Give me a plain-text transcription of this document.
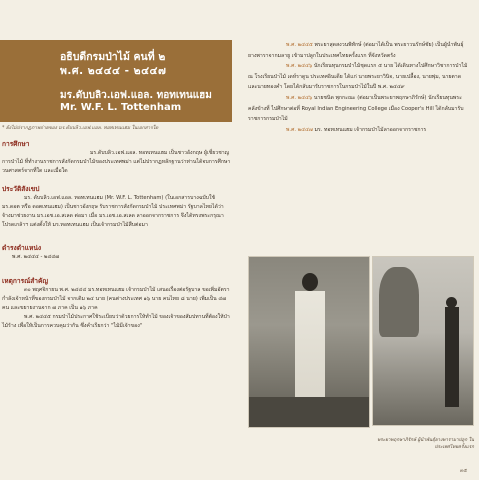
อธิบดีกรมป่าไม้ คนที่ ๒
พ.ศ. ๒๔๔๔ - ๒๔๔๗
มร.ดับบลิว.เอฟ.แอล. ทอทเทนแฮม
Mr. W.F. L. Tottenham
* ยังไม่ปรากฏภาพถ่ายของ มร.ดับบลิว.เอฟ.แอล. ทอทเทนแฮม ในเอกสารใด

การศึกษา

มร.ดับบลิว.เอฟ.แอล. ทอทเทนแฮม เป็นชาวอังกฤษ ผู้เชี่ยวชาญการป่าไม้ ที่ทำงานราชการสังกัดกรมป่าไม้ของประเทศพม่า แต่ไม่ปรากฏหลักฐานว่าท่านได้จบการศึกษาวนศาสตร์จากที่ใด และเมื่อใด

ประวัติสังเขป

มร. ดับบลิว.เอฟ.แอล. ทอทเทนแฮม (Mr. W.F. L. Tottenham) (ในเอกสารบางฉบับใช้ มร.ดอต หรือ ดอตเทนแฮม) เป็นชาวอังกฤษ รับราชการสังกัดกรมป่าไม้ ประเทศพม่า รัฐบาลไทยได้ว่าจ้างมาช่วยงาน มร.เอช.เอ.สเลด ต่อมา เมื่อ มร.เอช.เอ.สเลด ลาออกจากราชการ จึงได้ทรงพระกรุณาโปรดเกล้าฯ แต่งตั้งให้ มร.ทอทเทนแฮม เป็นเจ้ากรมป่าไม้สืบต่อมา

ดำรงตำแหน่ง

พ.ศ. ๒๔๔๔ - ๒๔๔๗

เหตุการณ์สำคัญ

๓๐ พฤศจิกายน พ.ศ. ๒๔๔๔ มร.ทอทเทนแฮม เจ้ากรมป่าไม้ เสนอเรื่องต่อรัฐบาล ขอเพิ่มอัตรากำลังเจ้าหน้าที่ของกรมป่าไม้ จากเดิม ๒๔ นาย (คนต่างประเทศ ๑๖ นาย คนไทย ๘ นาย) เพิ่มเป็น ๔๗ คน และขยายงานจาก ๗ ภาค เป็น ๑๖ ภาค

พ.ศ. ๒๔๔๕ กรมป่าไม้ประกาศใช้ระเบียบว่าด้วยการให้ทำไม้ ของเจ้าของสัมปทานที่ต้องให้ป่าไม้ร้าง เพื่อให้เป็นการควบคุมว่ากัน ซึ่งคำเรียกว่า "ไม้มีเจ้าของ"

พ.ศ. ๒๔๔๕ พระยาสุดสงวนพิทักษ์ (ต่อมาได้เป็น พระยาวนรักษ์ชัย) เป็นผู้นำพันธุ์ยางพาราจากมลายู เข้ามาปลูกในประเทศไทยครั้งแรก ที่จังหวัดตรัง

พ.ศ. ๒๔๔๖ นักเรียนทุนกรมป่าไม้ชุดแรก ๕ นาย ได้เดินทางไปศึกษาวิชาการป่าไม้ ณ โรงเรียนป่าไม้ เดห์ราดูน ประเทศอินเดีย ได้แก่ นายพระยาวินิจ, นายเปลื้อง, นายพุ่ม, นายตาด และนายทองคำ โดยได้กลับมารับราชการในกรมป่าไม้ในปี พ.ศ. ๒๔๔๙

พ.ศ. ๒๔๔๖ นายชนิด พุกกะณะ (ต่อมาเป็นพระยาพฤกษาภิรักษ์) นักเรียนทุนพระคลังข้างที่ ไปศึกษาต่อที่ Royal Indian Engineering College เมือง Cooper's Hill ได้กลับมารับราชการกรมป่าไม้

พ.ศ. ๒๔๔๗ มร. ทอทเทนแฮม เจ้ากรมป่าไม้ลาออกจากราชการ

พระยาพฤกษาภิรักษ์ ผู้นำพันธุ์ยางพารามาปลูก ในประเทศไทยครั้งแรก
๓๕
